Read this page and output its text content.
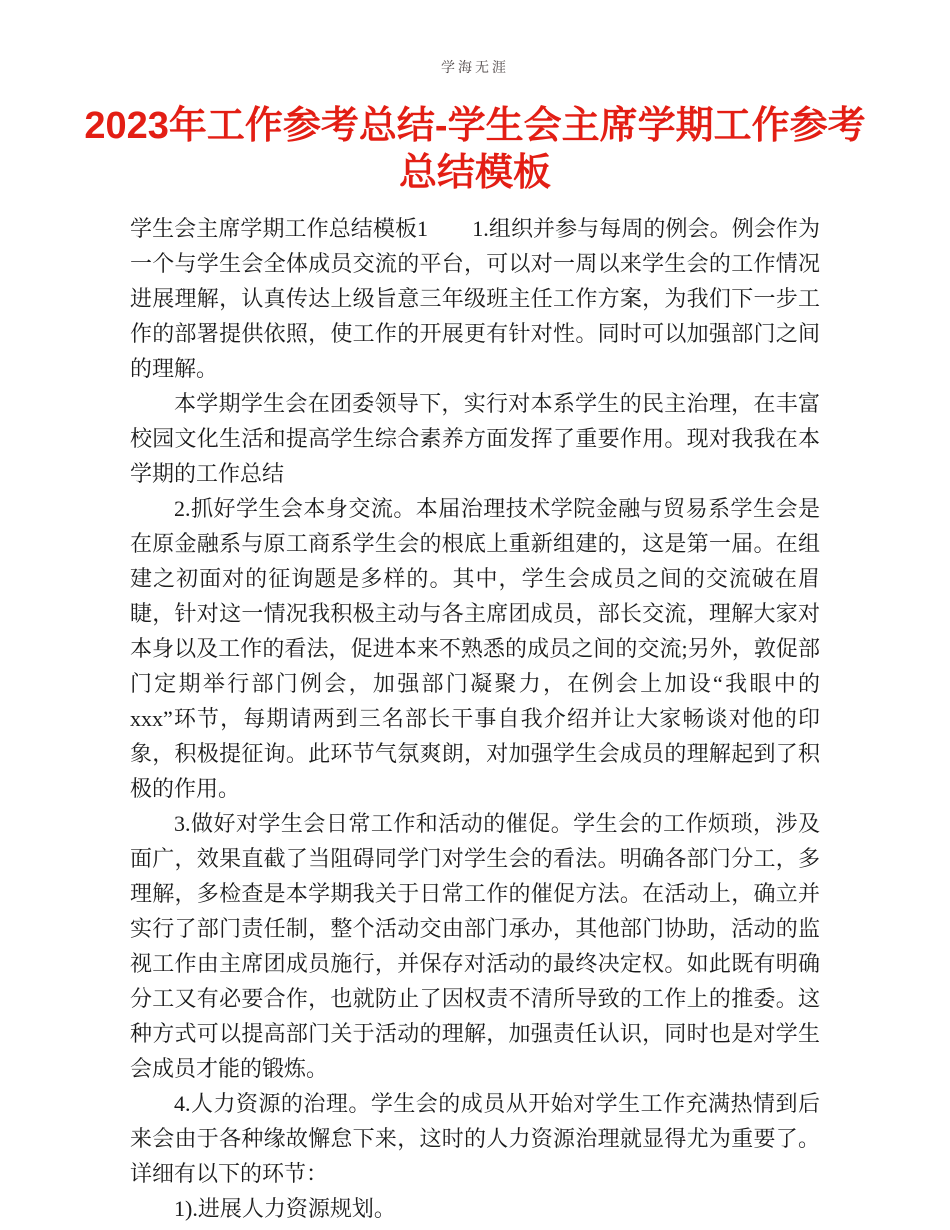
学海无涯
2023年工作参考总结-学生会主席学期工作参考
总结模板

学生会主席学期工作总结模板1　　1.组织并参与每周的例会。例会作为一个与学生会全体成员交流的平台，可以对一周以来学生会的工作情况进展理解，认真传达上级旨意三年级班主任工作方案，为我们下一步工作的部署提供依照，使工作的开展更有针对性。同时可以加强部门之间的理解。

本学期学生会在团委领导下，实行对本系学生的民主治理，在丰富校园文化生活和提高学生综合素养方面发挥了重要作用。现对我我在本学期的工作总结

2.抓好学生会本身交流。本届治理技术学院金融与贸易系学生会是在原金融系与原工商系学生会的根底上重新组建的，这是第一届。在组建之初面对的征询题是多样的。其中，学生会成员之间的交流破在眉睫，针对这一情况我积极主动与各主席团成员，部长交流，理解大家对本身以及工作的看法，促进本来不熟悉的成员之间的交流;另外，敦促部门定期举行部门例会，加强部门凝聚力，在例会上加设“我眼中的xxx”环节，每期请两到三名部长干事自我介绍并让大家畅谈对他的印象，积极提征询。此环节气氛爽朗，对加强学生会成员的理解起到了积极的作用。

3.做好对学生会日常工作和活动的催促。学生会的工作烦琐，涉及面广，效果直截了当阻碍同学门对学生会的看法。明确各部门分工，多理解，多检查是本学期我关于日常工作的催促方法。在活动上，确立并实行了部门责任制，整个活动交由部门承办，其他部门协助，活动的监视工作由主席团成员施行，并保存对活动的最终决定权。如此既有明确分工又有必要合作，也就防止了因权责不清所导致的工作上的推委。这种方式可以提高部门关于活动的理解，加强责任认识，同时也是对学生会成员才能的锻炼。

4.人力资源的治理。学生会的成员从开始对学生工作充满热情到后来会由于各种缘故懈怠下来，这时的人力资源治理就显得尤为重要了。详细有以下的环节：

1).进展人力资源规划。
